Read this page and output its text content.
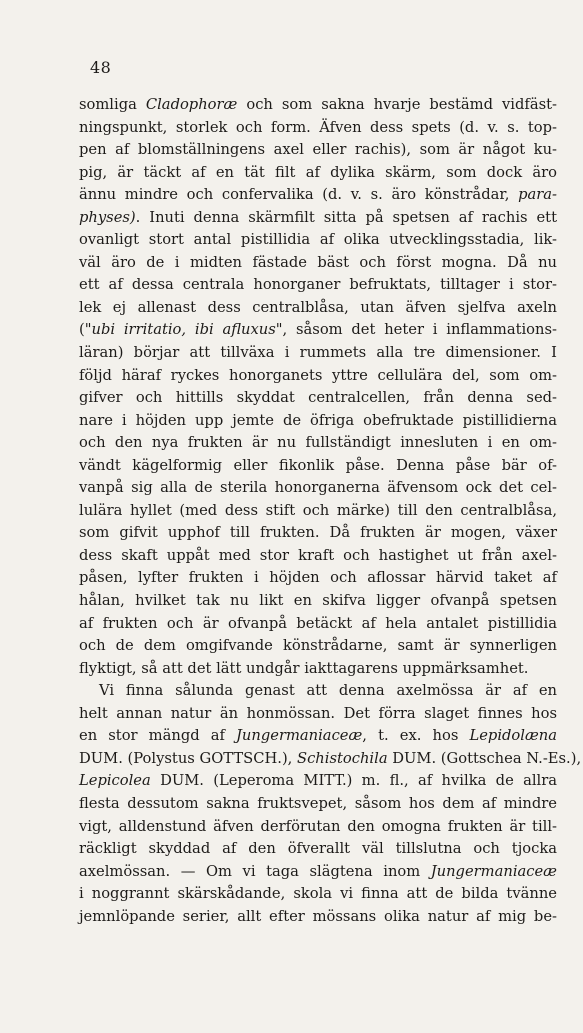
48
somliga Cladophoræ och som sakna hvarje bestämd vidfäst-
ningspunkt, storlek och form. Äfven dess spets (d. v. s. top-
pen af blomställningens axel eller rachis), som är något ku-
pig, är täckt af en tät filt af dylika skärm, som dock äro
ännu mindre och confervalika (d. v. s. äro könstrådar, para-
physes). Inuti denna skärmfilt sitta på spetsen af rachis ett
ovanligt stort antal pistillidia af olika utvecklingsstadia, lik-
väl äro de i midten fästade bäst och först mogna. Då nu
ett af dessa centrala honorganer befruktats, tilltager i stor-
lek ej allenast dess centralblåsa, utan äfven sjelfva axeln
("ubi irritatio, ibi afluxus", såsom det heter i inflammations-
läran) börjar att tillväxa i rummets alla tre dimensioner. I
följd häraf ryckes honorganets yttre cellulära del, som om-
gifver och hittills skyddat centralcellen, från denna sed-
nare i höjden upp jemte de öfriga obefruktade pistillidierna
och den nya frukten är nu fullständigt innesluten i en om-
vändt kägelformig eller fikonlik påse. Denna påse bär of-
vanpå sig alla de sterila honorganerna äfvensom ock det cel-
lulära hyllet (med dess stift och märke) till den centralblåsa,
som gifvit upphof till frukten. Då frukten är mogen, växer
dess skaft uppåt med stor kraft och hastighet ut från axel-
påsen, lyfter frukten i höjden och aflossar härvid taket af
hålan, hvilket tak nu likt en skifva ligger ofvanpå spetsen
af frukten och är ofvanpå betäckt af hela antalet pistillidia
och de dem omgifvande könstrådarne, samt är synnerligen
flyktigt, så att det lätt undgår iakttagarens uppmärksamhet.
Vi finna sålunda genast att denna axelmössa är af en
helt annan natur än honmössan. Det förra slaget finnes hos
en stor mängd af Jungermaniaceæ, t. ex. hos Lepidolæna
DUM. (Polystus GOTTSCH.), Schistochila DUM. (Gottschea N.-Es.),
Lepicolea DUM. (Leperoma MITT.) m. fl., af hvilka de allra
flesta dessutom sakna fruktsvepet, såsom hos dem af mindre
vigt, alldenstund äfven derförutan den omogna frukten är till-
räckligt skyddad af den öfverallt väl tillslutna och tjocka
axelmössan. — Om vi taga slägtena inom Jungermaniaceæ
i noggrannt skärskådande, skola vi finna att de bilda tvänne
jemnlöpande serier, allt efter mössans olika natur af mig be-
